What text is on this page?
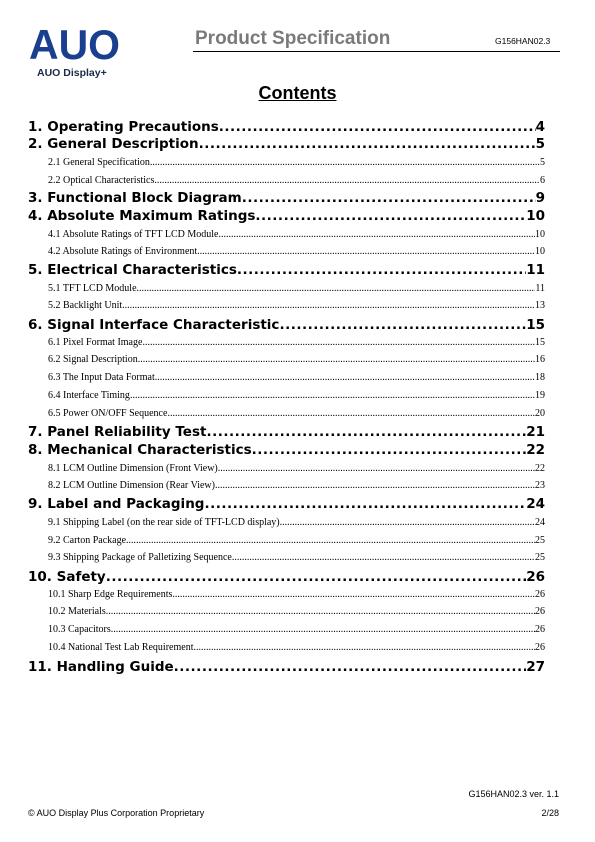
AUO
AUO Display+
Product Specification	G156HAN02.3
Contents
1. Operating Precautions .....	4
2. General Description .....	5
2.1 General Specification .....	5
2.2 Optical Characteristics .....	6
3. Functional Block Diagram .....	9
4. Absolute Maximum Ratings .....	10
4.1 Absolute Ratings of TFT LCD Module .....	10
4.2 Absolute Ratings of Environment .....	10
5. Electrical Characteristics .....	11
5.1 TFT LCD Module .....	11
5.2 Backlight Unit .....	13
6. Signal Interface Characteristic .....	15
6.1 Pixel Format Image .....	15
6.2 Signal Description .....	16
6.3 The Input Data Format .....	18
6.4 Interface Timing .....	19
6.5 Power ON/OFF Sequence .....	20
7. Panel Reliability Test .....	21
8. Mechanical Characteristics .....	22
8.1 LCM Outline Dimension (Front View) .....	22
8.2 LCM Outline Dimension (Rear View) .....	23
9. Label and Packaging .....	24
9.1 Shipping Label (on the rear side of TFT-LCD display) .....	24
9.2 Carton Package .....	25
9.3 Shipping Package of Palletizing Sequence .....	25
10. Safety .....	26
10.1 Sharp Edge Requirements .....	26
10.2 Materials .....	26
10.3 Capacitors .....	26
10.4 National Test Lab Requirement .....	26
11. Handling Guide .....	27
G156HAN02.3 ver. 1.1
© AUO Display Plus Corporation Proprietary	2/28
